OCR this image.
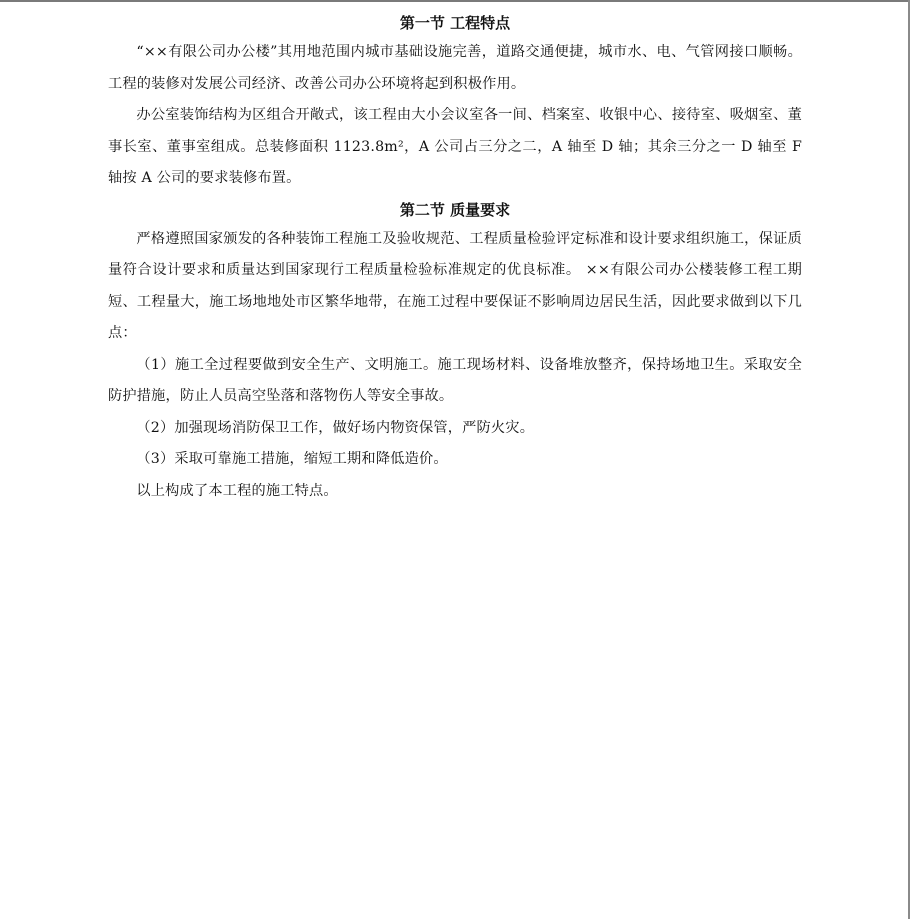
第一节 工程特点

“××有限公司办公楼”其用地范围内城市基础设施完善，道路交通便捷，城市水、电、气管网接口顺畅。工程的装修对发展公司经济、改善公司办公环境将起到积极作用。

办公室装饰结构为区组合开敞式，该工程由大小会议室各一间、档案室、收银中心、接待室、吸烟室、董事长室、董事室组成。总装修面积 1123.8m²，A 公司占三分之二，A 轴至 D 轴；其余三分之一 D 轴至 F 轴按 A 公司的要求装修布置。

第二节 质量要求

严格遵照国家颁发的各种装饰工程施工及验收规范、工程质量检验评定标准和设计要求组织施工，保证质量符合设计要求和质量达到国家现行工程质量检验标准规定的优良标准。 ××有限公司办公楼装修工程工期短、工程量大，施工场地地处市区繁华地带，在施工过程中要保证不影响周边居民生活，因此要求做到以下几点：

（1）施工全过程要做到安全生产、文明施工。施工现场材料、设备堆放整齐，保持场地卫生。采取安全防护措施，防止人员高空坠落和落物伤人等安全事故。

（2）加强现场消防保卫工作，做好场内物资保管，严防火灾。

（3）采取可靠施工措施，缩短工期和降低造价。

以上构成了本工程的施工特点。
